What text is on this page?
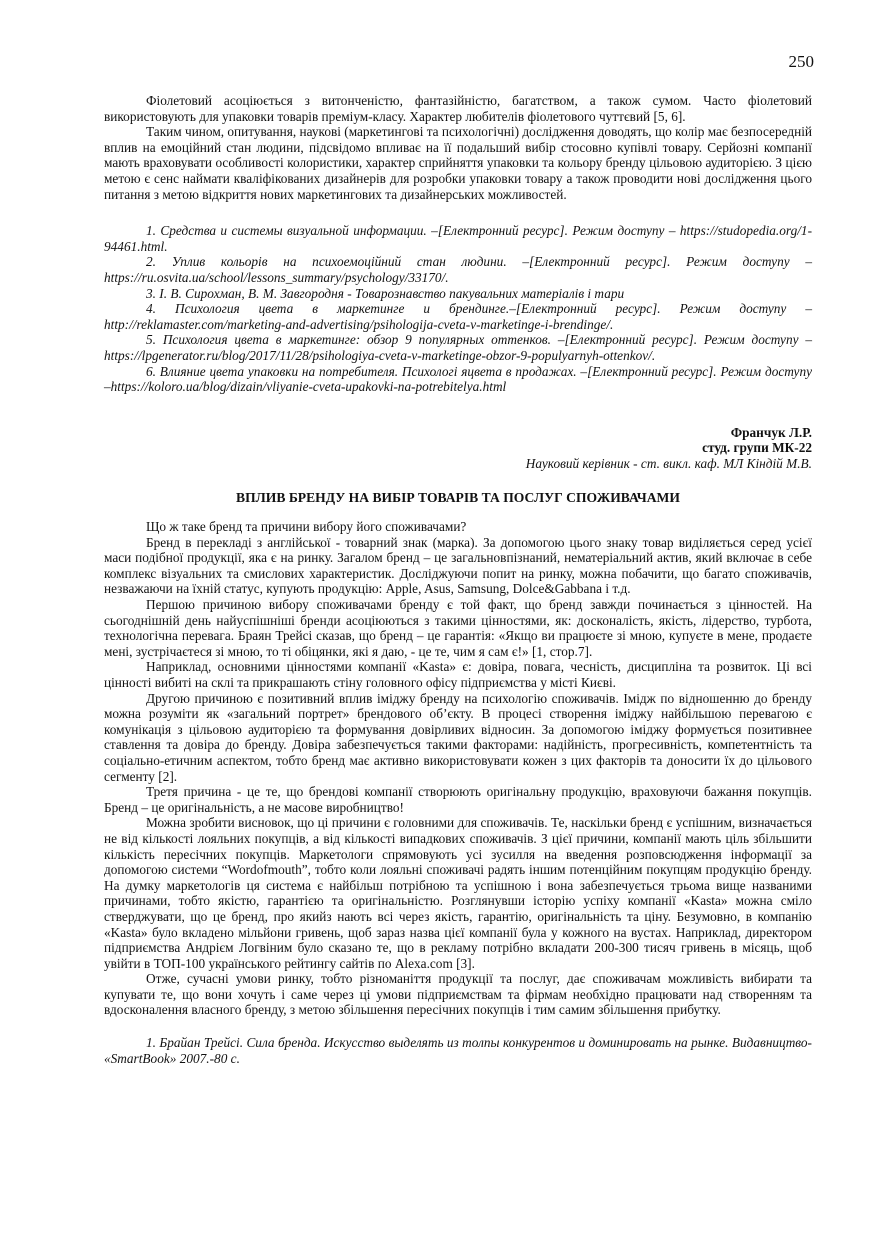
250

Фіолетовий асоціюється з витонченістю, фантазійністю, багатством, а також сумом. Часто фіолетовий використовують для упаковки товарів преміум-класу. Характер любителів фіолетового чуттєвий [5, 6].

Таким чином, опитування, наукові (маркетингові та психологічні) дослідження доводять, що колір має безпосередній вплив на емоційний стан людини, підсвідомо впливає на її подальший вибір стосовно купівлі товару. Серйозні компанії мають враховувати особливості колористики, характер сприйняття упаковки та кольору бренду цільовою аудиторією. З цією метою є сенс наймати кваліфікованих дизайнерів для розробки упаковки товару а також проводити нові дослідження цього питання з метою відкриття нових маркетингових та дизайнерських можливостей.

1. Средства и системы визуальной информации. –[Електронний ресурс]. Режим доступу – https://studopedia.org/1-94461.html.

2. Уплив кольорів на психоемоційний стан людини. –[Електронний ресурс]. Режим доступу – https://ru.osvita.ua/school/lessons_summary/psychology/33170/.

3. І. В. Сирохман, В. М. Завгородня - Товарознавство пакувальних матеріалів і тари

4. Психология цвета в маркетинге и брендинге.–[Електронний ресурс]. Режим доступу – http://reklamaster.com/marketing-and-advertising/psihologija-cveta-v-marketinge-i-brendinge/.

5. Психология цвета в маркетинге: обзор 9 популярных оттенков. –[Електронний ресурс]. Режим доступу –https://lpgenerator.ru/blog/2017/11/28/psihologiya-cveta-v-marketinge-obzor-9-populyarnyh-ottenkov/.

6. Влияние цвета упаковки на потребителя. Психологі яцвета в продажах. –[Електронний ресурс]. Режим доступу –https://koloro.ua/blog/dizain/vliyanie-cveta-upakovki-na-potrebitelya.html

Франчук Л.Р.
студ. групи МК-22
Науковий керівник - ст. викл. каф. МЛ Кіндій М.В.
ВПЛИВ БРЕНДУ НА ВИБІР ТОВАРІВ ТА ПОСЛУГ СПОЖИВАЧАМИ

Що ж таке бренд та причини вибору його споживачами?

Бренд в перекладі з англійської - товарний знак (марка). За допомогою цього знаку товар виділяється серед усієї маси подібної продукції, яка є на ринку. Загалом бренд – це загальновпізнаний, нематеріальний актив, який включає в себе комплекс візуальних та смислових характеристик. Досліджуючи попит на ринку, можна побачити, що багато споживачів, незважаючи на їхній статус, купують продукцію: Apple, Asus, Samsung, Dolce&Gabbana і т.д.

Першою причиною вибору споживачами бренду є той факт, що бренд завжди починається з цінностей. На сьогоднішній день найуспішніші бренди асоціюються з такими цінностями, як: досконалість, якість, лідерство, турбота, технологічна перевага. Браян Трейсі сказав, що бренд – це гарантія: «Якщо ви працюєте зі мною, купуєте в мене, продаєте мені, зустрічаєтеся зі мною, то ті обіцянки, які я даю, - це те, чим я сам є!» [1, стор.7].

Наприклад, основними цінностями компанії «Kasta» є: довіра, повага, чесність, дисципліна та розвиток. Ці всі цінності вибиті на склі та прикрашають стіну головного офісу підприємства у місті Києві.

Другою причиною є позитивний вплив іміджу бренду на психологію споживачів. Імідж по відношенню до бренду можна розуміти як «загальний портрет» брендового об’єкту. В процесі створення іміджу найбільшою перевагою є комунікація з цільовою аудиторією та формування довірливих відносин. За допомогою іміджу формується позитивнее ставлення та довіра до бренду. Довіра забезпечується такими факторами: надійність, прогресивність, компетентність та соціально-етичним аспектом, тобто бренд має активно використовувати кожен з цих факторів та доносити їх до цільового сегменту [2].

Третя причина - це те, що брендові компанії створюють оригінальну продукцію, враховуючи бажання покупців. Бренд – це оригінальність, а не масове виробництво!

Можна зробити висновок, що ці причини є головними для споживачів. Те, наскільки бренд є успішним, визначається не від кількості лояльних покупців, а від кількості випадкових споживачів. З цієї причини, компанії мають ціль збільшити кількість пересічних покупців. Маркетологи спрямовують усі зусилля на введення розповсюдження інформації за допомогою системи “Wordofmouth”, тобто коли лояльні споживачі радять іншим потенційним покупцям продукцію бренду. На думку маркетологів ця система є найбільш потрібною та успішною і вона забезпечується трьома вище названими причинами, тобто якістю, гарантією та оригінальністю. Розглянувши історію успіху компанії «Kasta» можна сміло стверджувати, що це бренд, про якийз нають всі через якість, гарантію, оригінальність та ціну. Безумовно, в компанію «Kasta» було вкладено мільйони гривень, щоб зараз назва цієї компанії була у кожного на вустах. Наприклад, директором підприємства Андрієм Логвіним було сказано те, що в рекламу потрібно вкладати 200-300 тисяч гривень в місяць, щоб увійти в ТОП-100 українського рейтингу сайтів по Alexa.com [3].

Отже, сучасні умови ринку, тобто різноманіття продукції та послуг, дає споживачам можливість вибирати та купувати те, що вони хочуть і саме через ці умови підприємствам та фірмам необхідно працювати над створенням та вдосконалення власного бренду, з метою збільшення пересічних покупців і тим самим збільшення прибутку.

1. Брайан Трейсі. Сила бренда. Искусство выделять из толпы конкурентов и доминировать на рынке. Видавництво- «SmartBook» 2007.-80 с.
